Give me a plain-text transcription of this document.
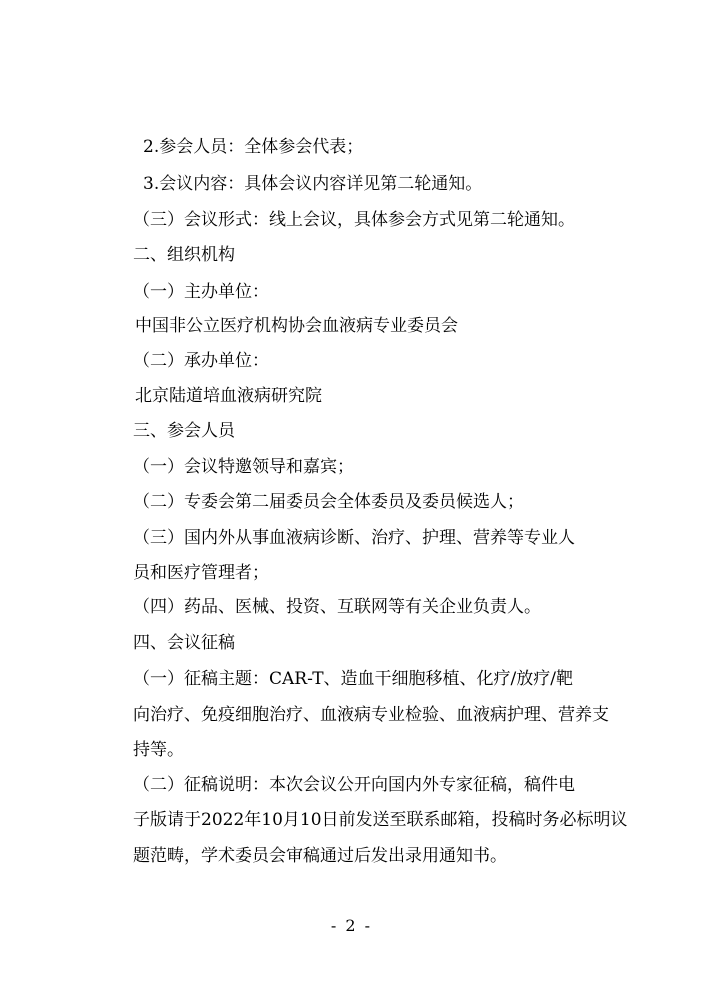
2.参会人员：全体参会代表；
3.会议内容：具体会议内容详见第二轮通知。
（三）会议形式：线上会议，具体参会方式见第二轮通知。
二、组织机构
（一）主办单位：
中国非公立医疗机构协会血液病专业委员会
（二）承办单位：
北京陆道培血液病研究院
三、参会人员
（一）会议特邀领导和嘉宾；
（二）专委会第二届委员会全体委员及委员候选人；
（三）国内外从事血液病诊断、治疗、护理、营养等专业人
员和医疗管理者；
（四）药品、医械、投资、互联网等有关企业负责人。
四、会议征稿
（一）征稿主题：CAR-T、造血干细胞移植、化疗/放疗/靶
向治疗、免疫细胞治疗、血液病专业检验、血液病护理、营养支
持等。
（二）征稿说明：本次会议公开向国内外专家征稿，稿件电
子版请于2022年10月10日前发送至联系邮箱，投稿时务必标明议
题范畴，学术委员会审稿通过后发出录用通知书。
- 2 -
